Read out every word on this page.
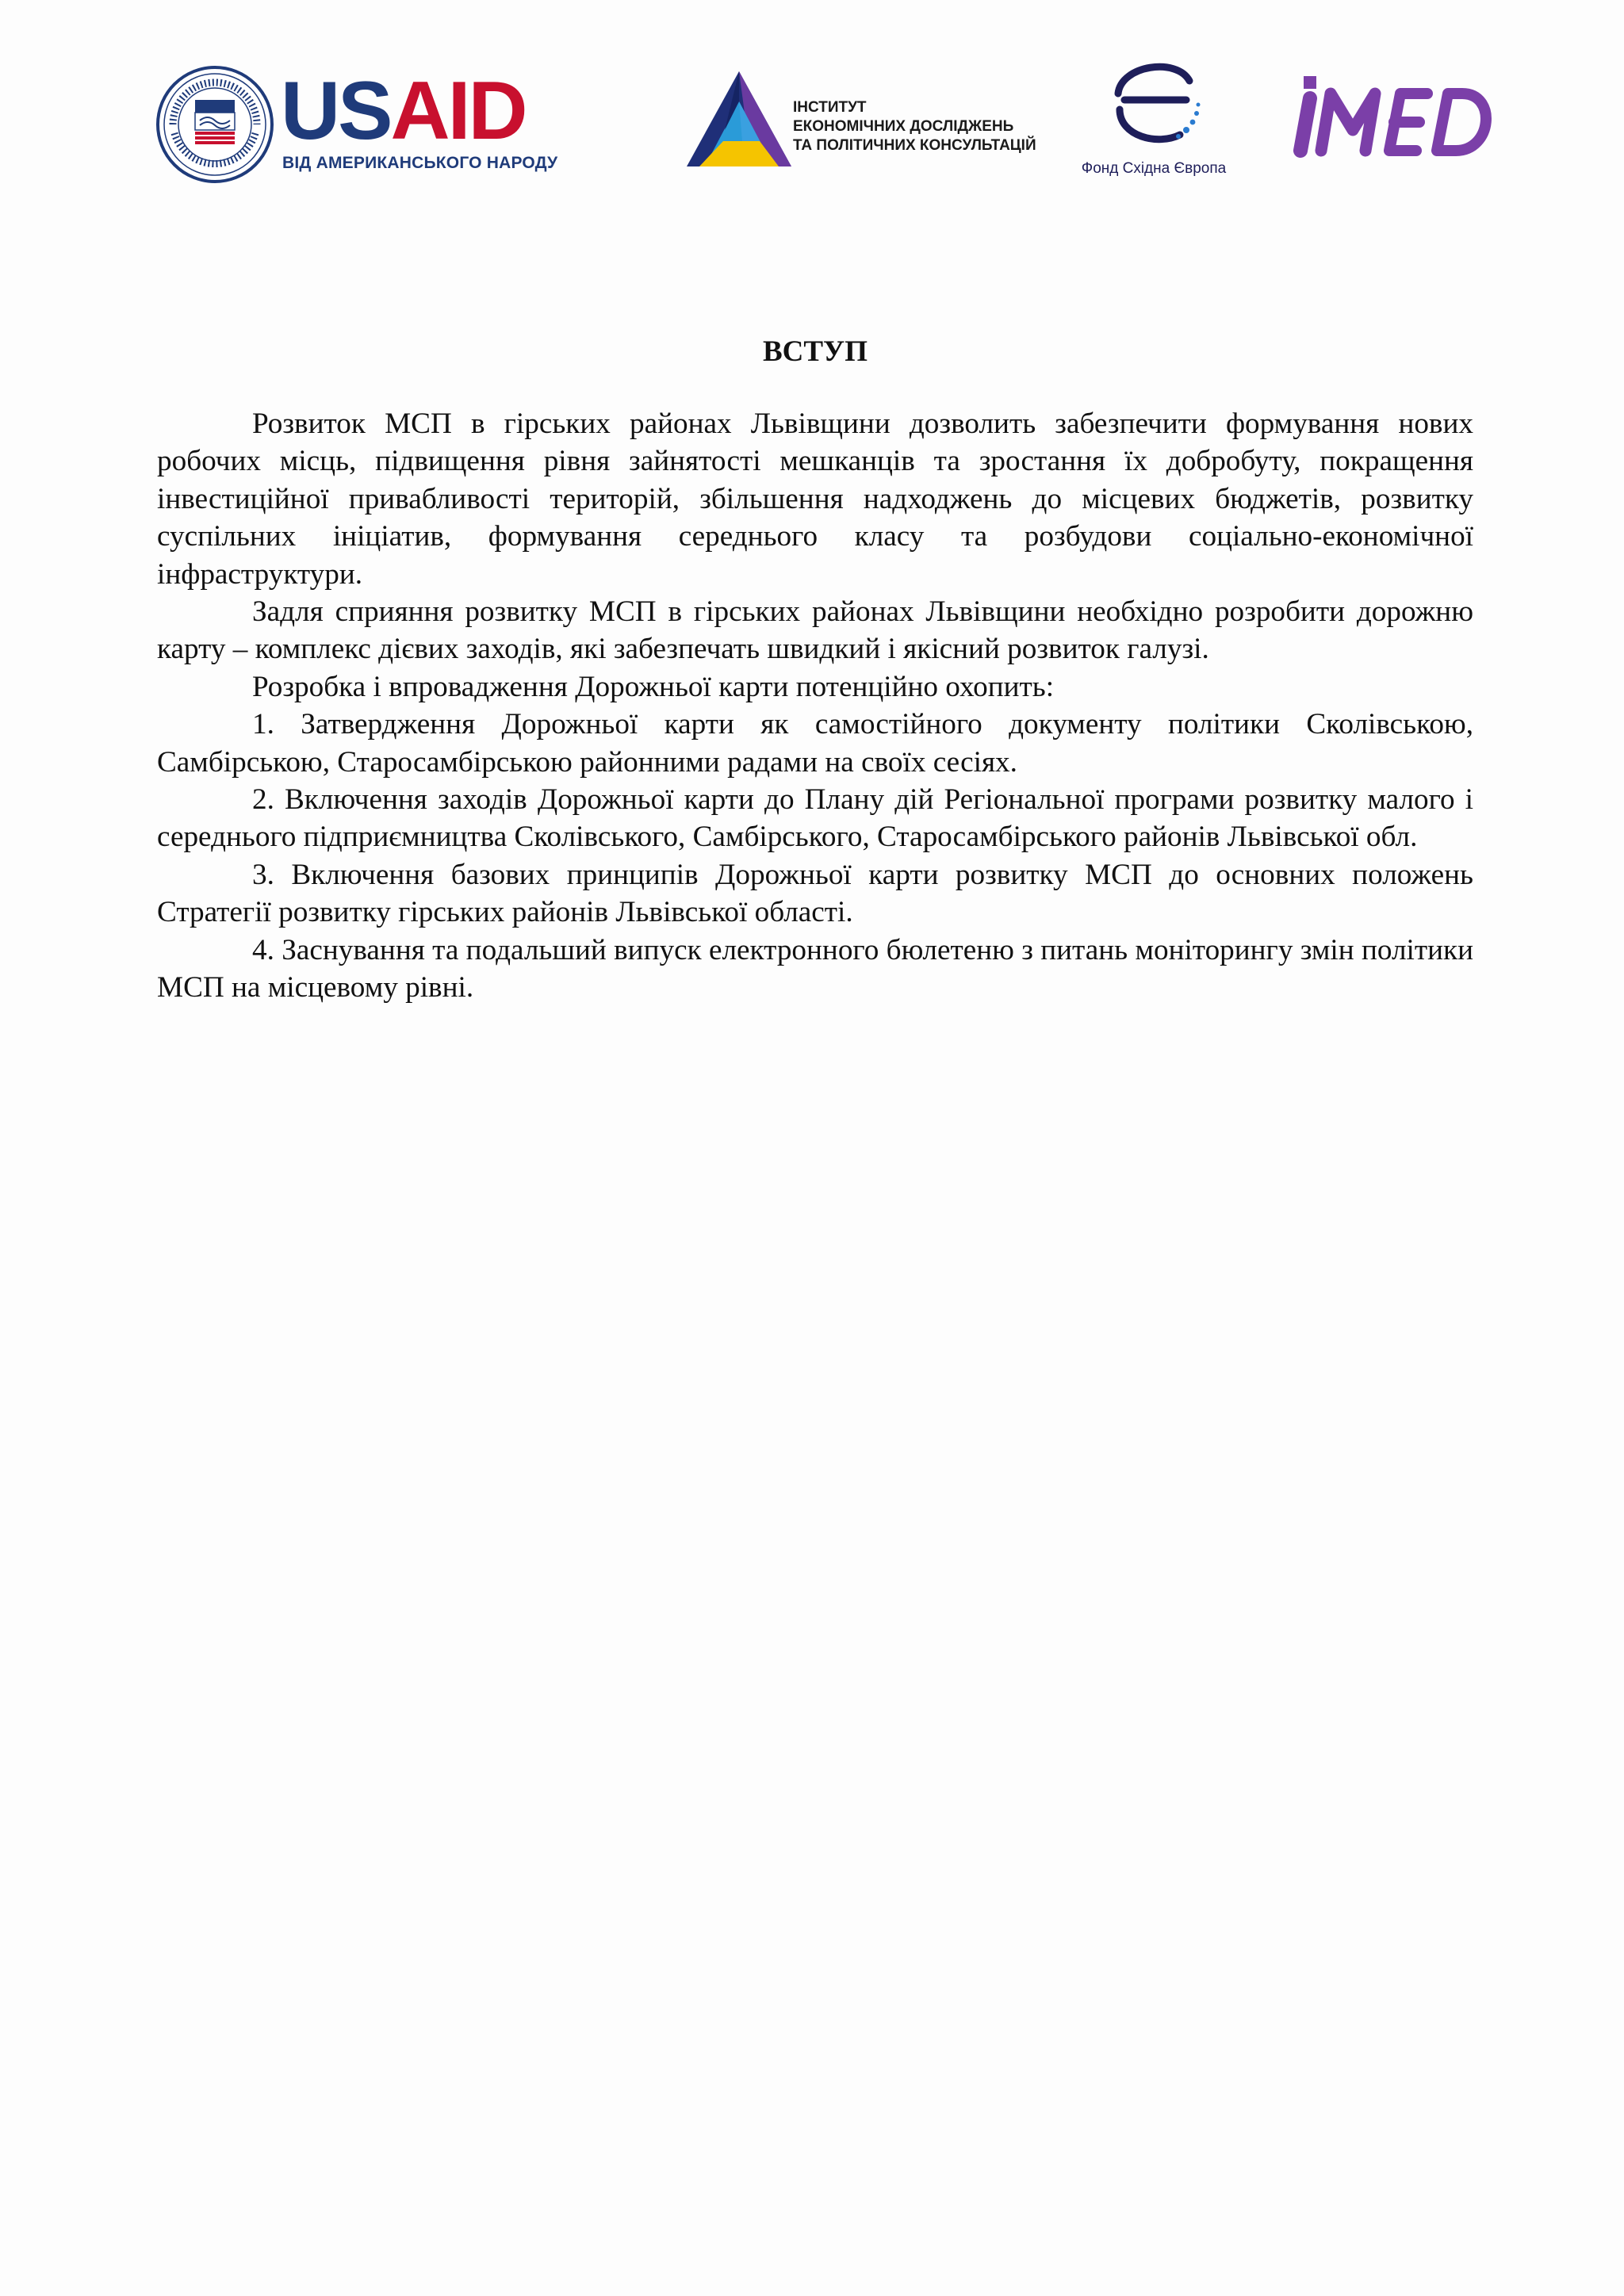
USAID
ВІД АМЕРИКАНСЬКОГО НАРОДУ
ІНСТИТУТ
ЕКОНОМІЧНИХ ДОСЛІДЖЕНЬ
ТА ПОЛІТИЧНИХ КОНСУЛЬТАЦІЙ
Фонд Східна Європа
ВСТУП

Розвиток МСП в гірських районах Львівщини дозволить забезпечити формування нових робочих місць, підвищення рівня зайнятості мешканців та зростання їх добробуту, покращення інвестиційної привабливості територій, збільшення надходжень до місцевих бюджетів, розвитку суспільних ініціатив, формування середнього класу та розбудови соціально-економічної інфраструктури.

Задля сприяння розвитку МСП в гірських районах Львівщини необхідно розробити дорожню карту – комплекс дієвих заходів, які забезпечать швидкий і якісний розвиток галузі.

Розробка і впровадження Дорожньої карти потенційно охопить:

1. Затвердження Дорожньої карти як самостійного документу політики Сколівською, Самбірською, Старосамбірською районними радами на своїх сесіях.

2. Включення заходів Дорожньої карти до Плану дій Регіональної програми розвитку малого і середнього підприємництва Сколівського, Самбірського, Старосамбірського районів Львівської обл.

3. Включення базових принципів Дорожньої карти розвитку МСП до основних положень Стратегії розвитку гірських районів Львівської області.

4. Заснування та подальший випуск електронного бюлетеню з питань моніторингу змін політики МСП на місцевому рівні.
